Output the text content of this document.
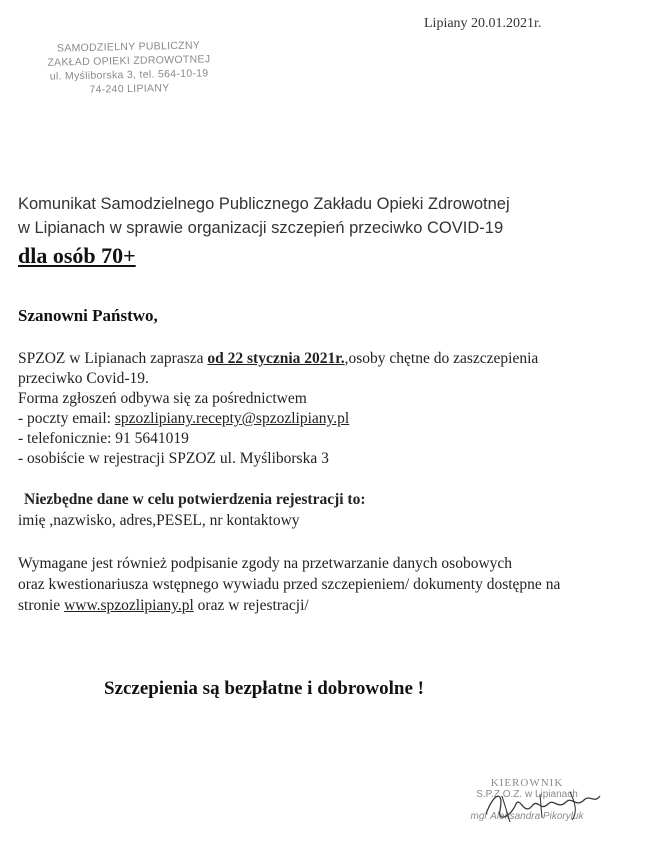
Lipiany 20.01.2021r.
SAMODZIELNY PUBLICZNY
ZAKŁAD OPIEKI ZDROWOTNEJ
ul. Myśliborska 3, tel. 564-10-19
74-240 LIPIANY
Komunikat Samodzielnego Publicznego Zakładu Opieki Zdrowotnej
w Lipianach w sprawie organizacji szczepień przeciwko COVID-19
dla osób 70+
Szanowni Państwo,
SPZOZ w Lipianach zaprasza od 22 stycznia 2021r.,osoby chętne do zaszczepienia
przeciwko Covid-19.
Forma zgłoszeń odbywa się za pośrednictwem
- poczty email: spzozlipiany.recepty@spzozlipiany.pl
- telefonicznie: 91 5641019
- osobiście w rejestracji SPZOZ ul. Myśliborska 3
Niezbędne dane w celu potwierdzenia rejestracji to:
imię ,nazwisko, adres,PESEL, nr kontaktowy
Wymagane jest również podpisanie zgody na przetwarzanie danych osobowych
oraz kwestionariusza wstępnego wywiadu przed szczepieniem/ dokumenty dostępne na
stronie www.spzozlipiany.pl oraz w rejestracji/
Szczepienia są bezpłatne i dobrowolne !
KIEROWNIK
S.P.Z.O.Z. w Lipianach
mgr Aleksandra Pikoryluk
